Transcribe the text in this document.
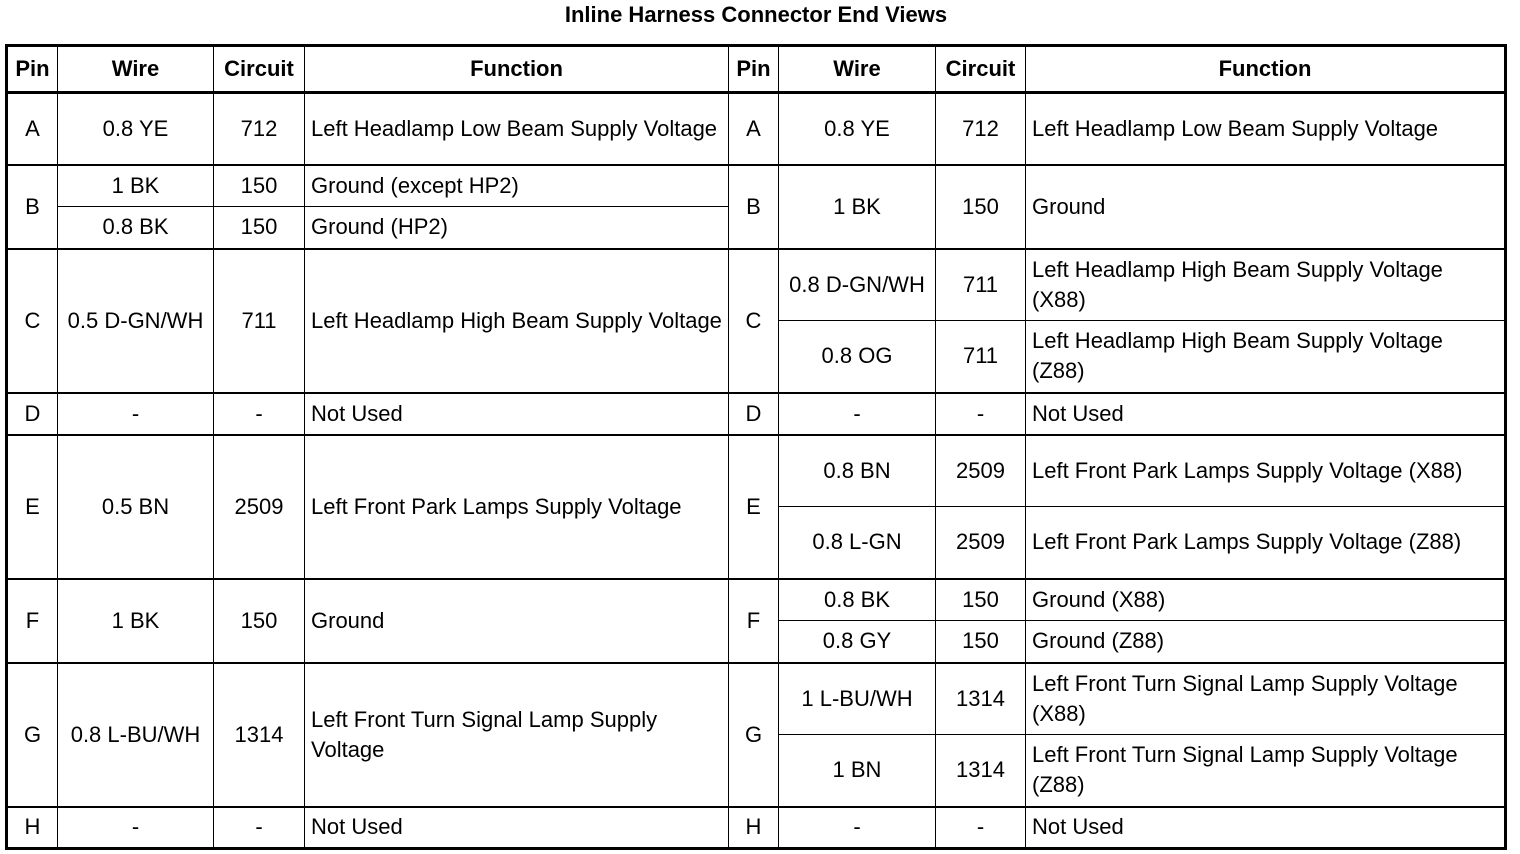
Inline Harness Connector End Views
Pin	Wire	Circuit	Function	Pin	Wire	Circuit	Function
A	0.8 YE	712	Left Headlamp Low Beam Supply Voltage	A	0.8 YE	712	Left Headlamp Low Beam Supply Voltage
B	1 BK	150	Ground (except HP2)	B	1 BK	150	Ground
	0.8 BK	150	Ground (HP2)				
C	0.5 D-GN/WH	711	Left Headlamp High Beam Supply Voltage	C	0.8 D-GN/WH	711	Left Headlamp High Beam Supply Voltage (X88)
					0.8 OG	711	Left Headlamp High Beam Supply Voltage (Z88)
D	-	-	Not Used	D	-	-	Not Used
E	0.5 BN	2509	Left Front Park Lamps Supply Voltage	E	0.8 BN	2509	Left Front Park Lamps Supply Voltage (X88)
					0.8 L-GN	2509	Left Front Park Lamps Supply Voltage (Z88)
F	1 BK	150	Ground	F	0.8 BK	150	Ground (X88)
					0.8 GY	150	Ground (Z88)
G	0.8 L-BU/WH	1314	Left Front Turn Signal Lamp Supply Voltage	G	1 L-BU/WH	1314	Left Front Turn Signal Lamp Supply Voltage (X88)
					1 BN	1314	Left Front Turn Signal Lamp Supply Voltage (Z88)
H	-	-	Not Used	H	-	-	Not Used
